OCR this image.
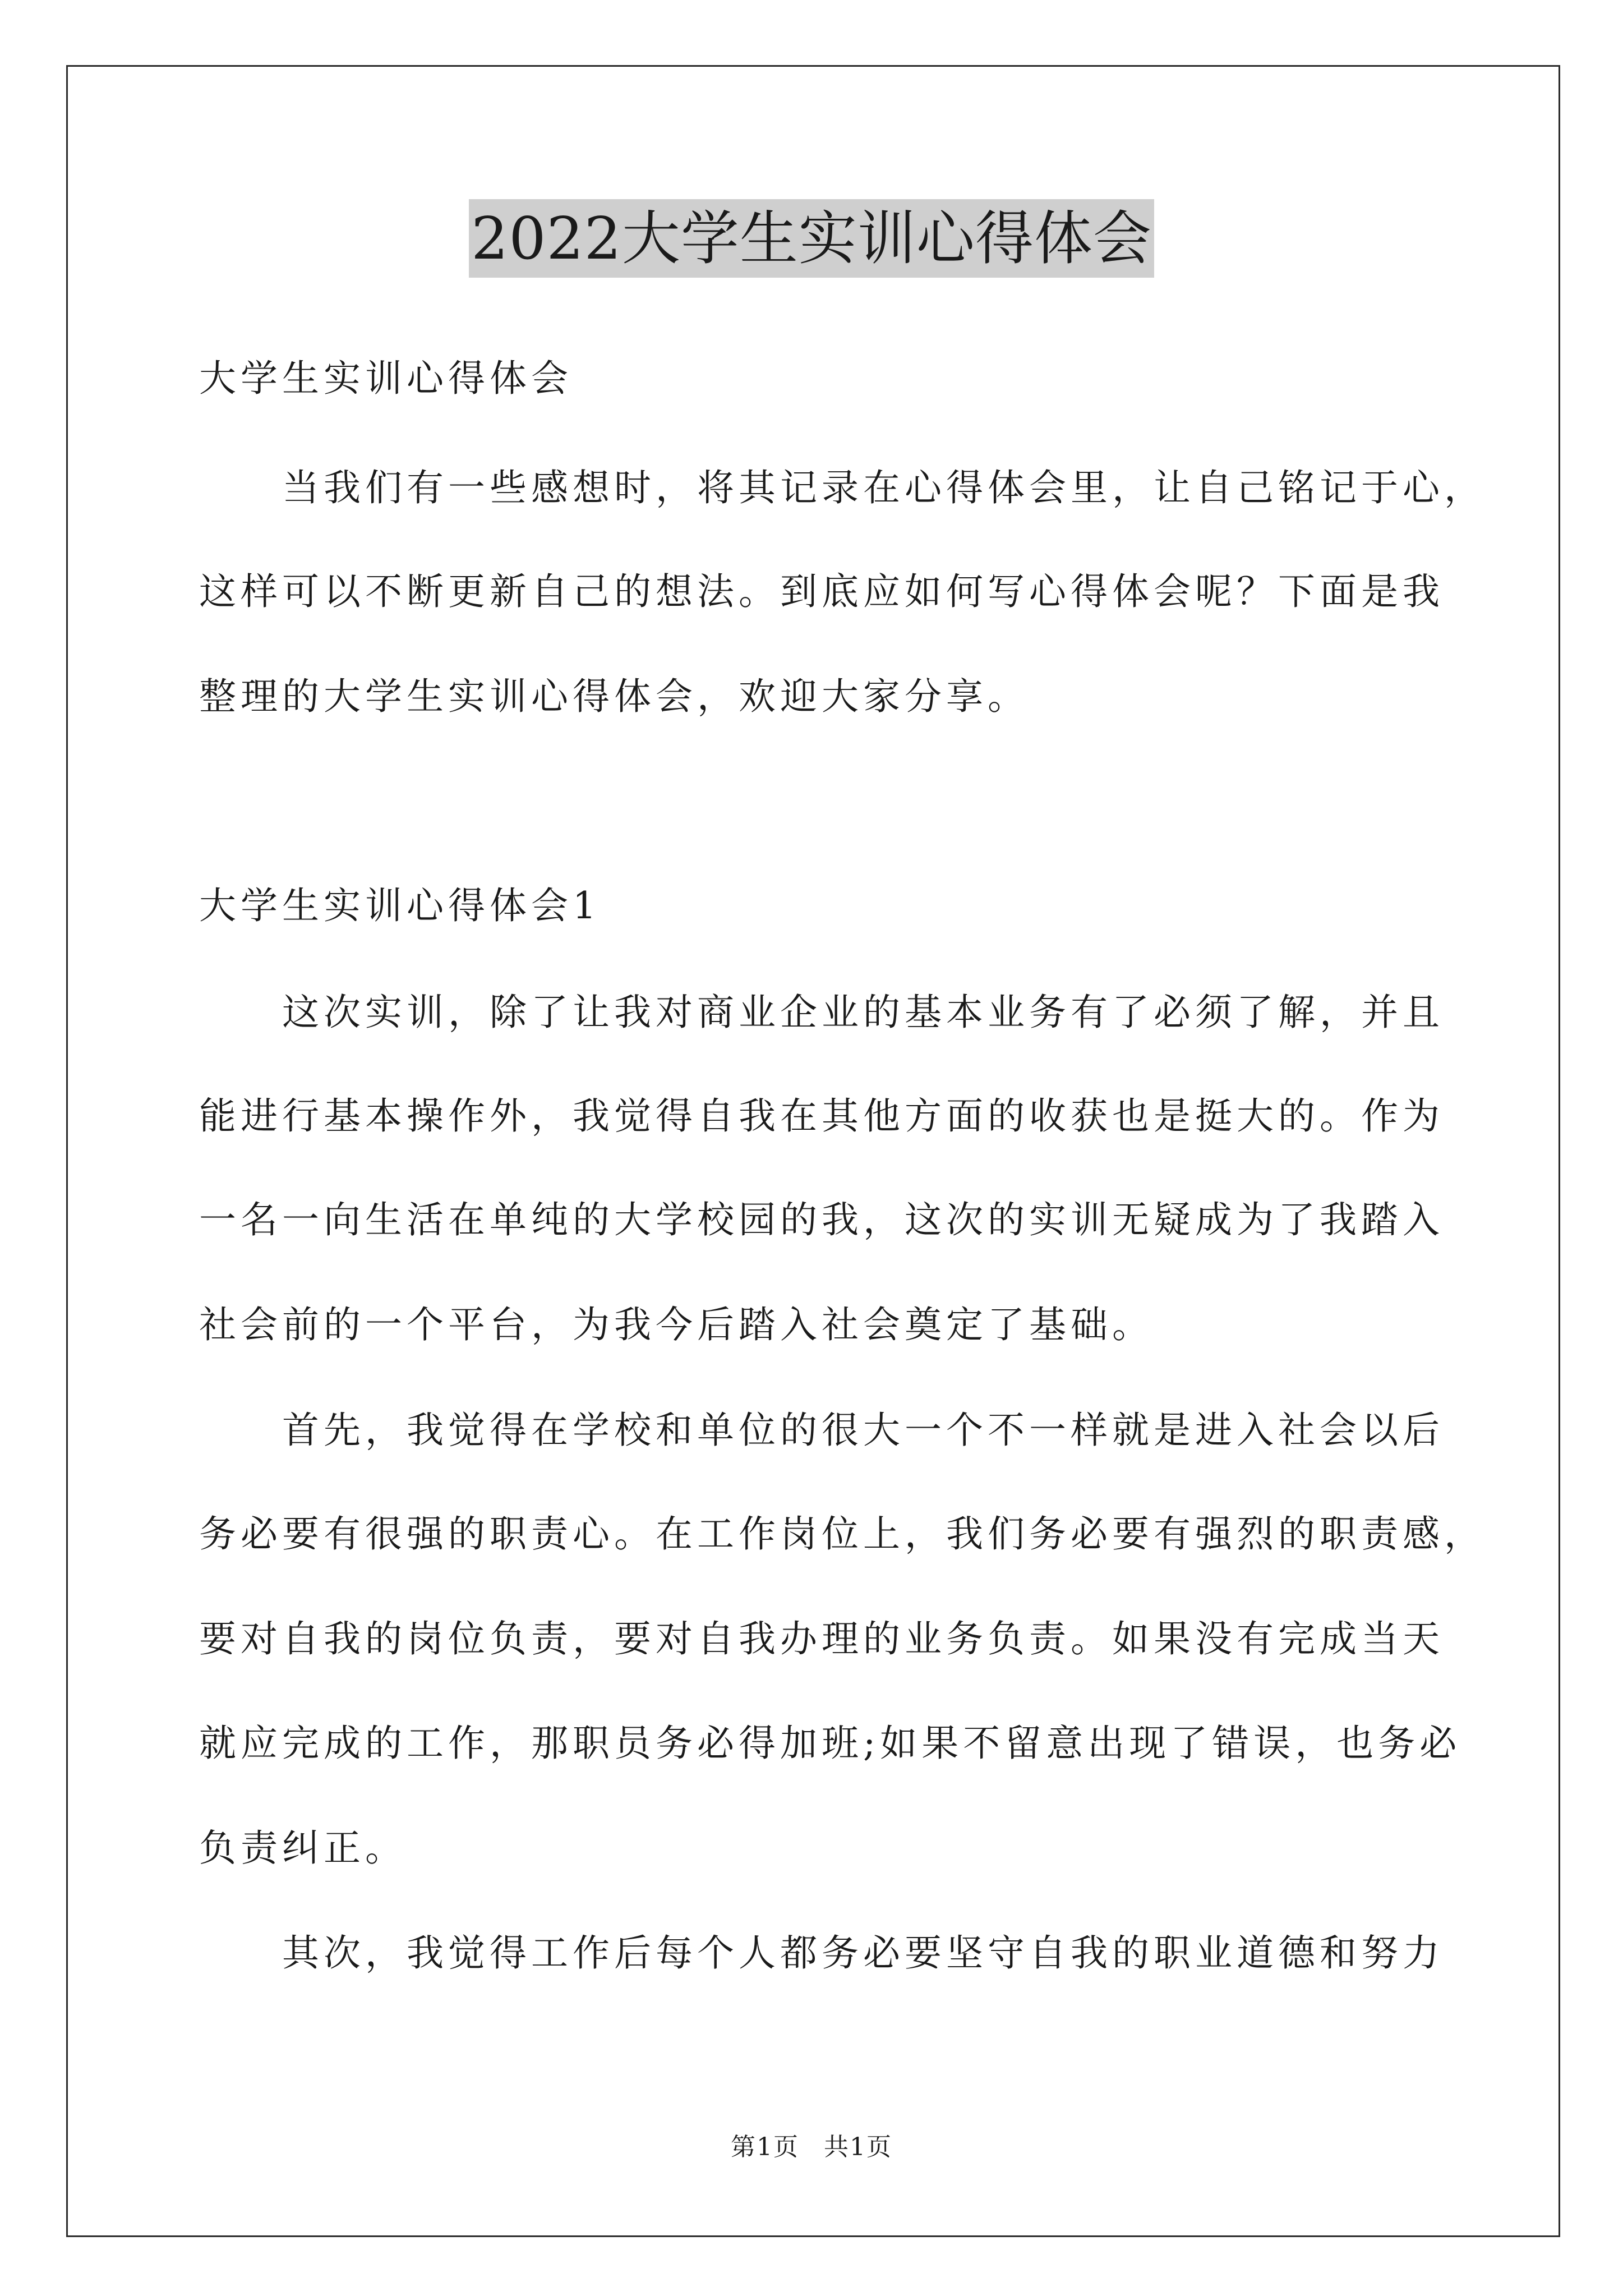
2022大学生实训心得体会
大学生实训心得体会
当我们有一些感想时，将其记录在心得体会里，让自己铭记于心，
这样可以不断更新自己的想法。到底应如何写心得体会呢？下面是我
整理的大学生实训心得体会，欢迎大家分享。
大学生实训心得体会1
这次实训，除了让我对商业企业的基本业务有了必须了解，并且
能进行基本操作外，我觉得自我在其他方面的收获也是挺大的。作为
一名一向生活在单纯的大学校园的我，这次的实训无疑成为了我踏入
社会前的一个平台，为我今后踏入社会奠定了基础。
首先，我觉得在学校和单位的很大一个不一样就是进入社会以后
务必要有很强的职责心。在工作岗位上，我们务必要有强烈的职责感，
要对自我的岗位负责，要对自我办理的业务负责。如果没有完成当天
就应完成的工作，那职员务必得加班;如果不留意出现了错误，也务必
负责纠正。
其次，我觉得工作后每个人都务必要坚守自我的职业道德和努力
第1页 共1页
